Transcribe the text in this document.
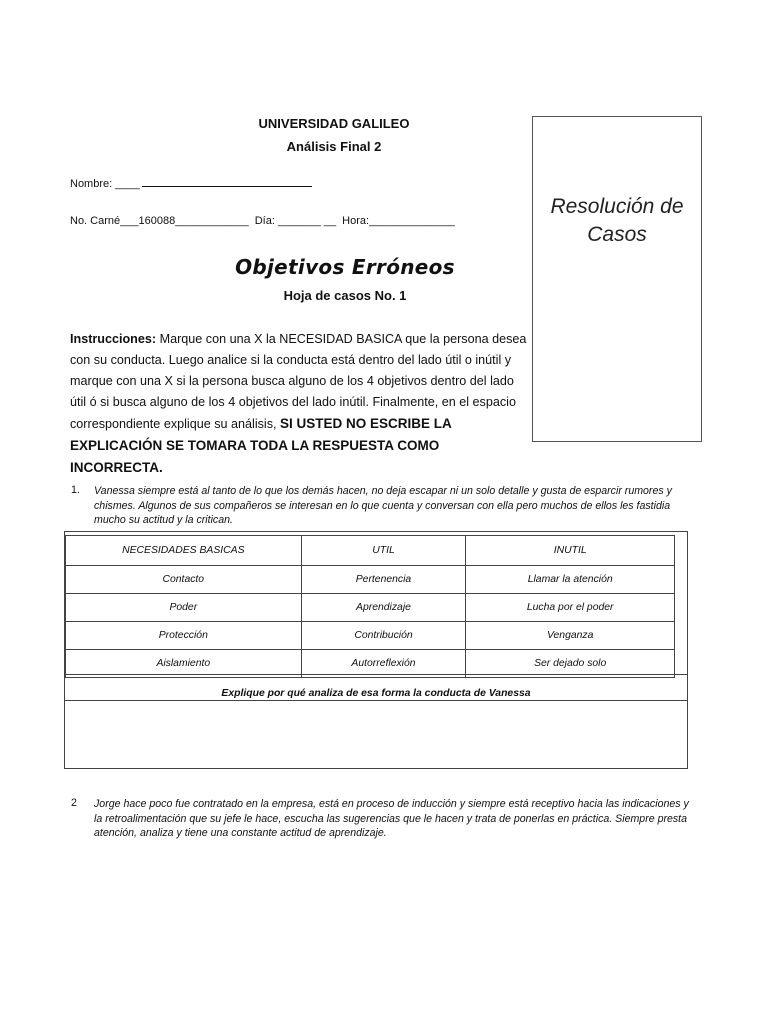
UNIVERSIDAD GALILEO
Análisis Final 2
Nombre: ____
No. Carné___160088____________  Día: _______ __  Hora:______________
Resolución de
Casos
Objetivos Erróneos
Hoja de casos No. 1
Instrucciones: Marque con una X la NECESIDAD BASICA que la persona desea con su conducta. Luego analice si la conducta está dentro del lado útil o inútil y marque con una X si la persona busca alguno de los 4 objetivos dentro del lado útil ó si busca alguno de los 4 objetivos del lado inútil. Finalmente, en el espacio correspondiente explique su análisis, SI USTED NO ESCRIBE LA EXPLICACIÓN SE TOMARA TODA LA RESPUESTA COMO INCORRECTA.
1. Vanessa siempre está al tanto de lo que los demás hacen, no deja escapar ni un solo detalle y gusta de esparcir rumores y chismes. Algunos de sus compañeros se interesan en lo que cuenta y conversan con ella pero muchos de ellos les fastidia mucho su actitud y la critican.
NECESIDADES BASICAS	UTIL	INUTIL
Contacto	Pertenencia	Llamar la atención
Poder	Aprendizaje	Lucha por el poder
Protección	Contribución	Venganza
Aislamiento	Autorreflexión	Ser dejado solo
Explique por qué analiza de esa forma la conducta de Vanessa
2 Jorge hace poco fue contratado en la empresa, está en proceso de inducción y siempre está receptivo hacia las indicaciones y la retroalimentación que su jefe le hace, escucha las sugerencias que le hacen y trata de ponerlas en práctica. Siempre presta atención, analiza y tiene una constante actitud de aprendizaje.
